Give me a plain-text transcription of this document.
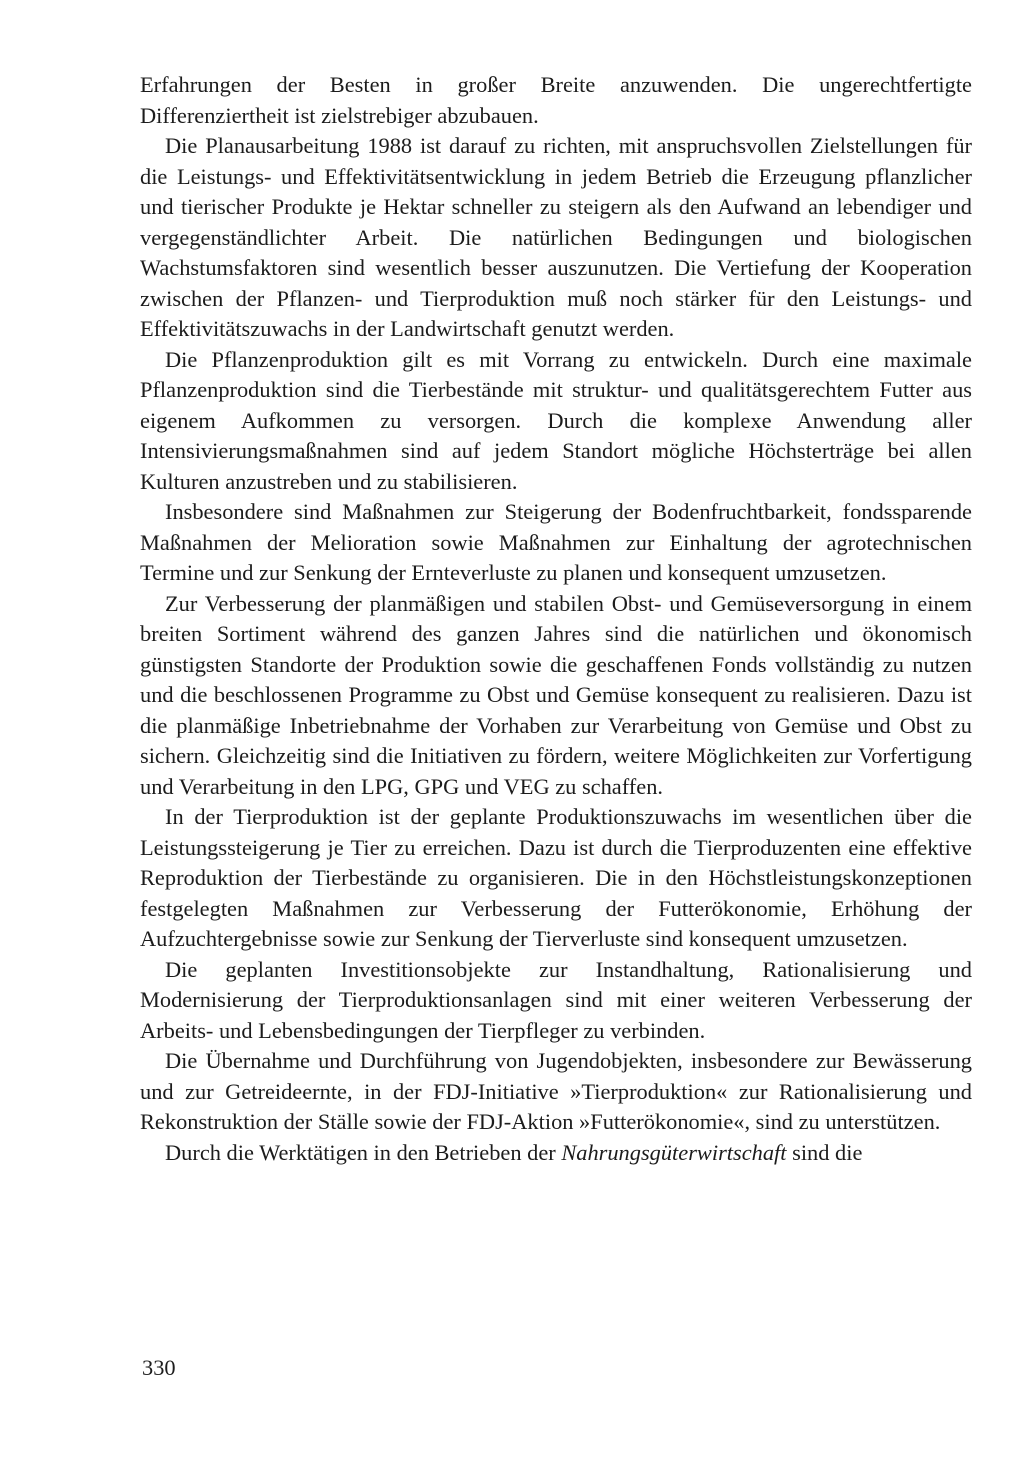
Erfahrungen der Besten in großer Breite anzuwenden. Die ungerechtfertigte Differenziertheit ist zielstrebiger abzubauen.

Die Planausarbeitung 1988 ist darauf zu richten, mit anspruchsvollen Zielstellungen für die Leistungs- und Effektivitätsentwicklung in jedem Betrieb die Erzeugung pflanzlicher und tierischer Produkte je Hektar schneller zu steigern als den Aufwand an lebendiger und vergegenständlichter Arbeit. Die natürlichen Bedingungen und biologischen Wachstumsfaktoren sind wesentlich besser auszunutzen. Die Vertiefung der Kooperation zwischen der Pflanzen- und Tierproduktion muß noch stärker für den Leistungs- und Effektivitätszuwachs in der Landwirtschaft genutzt werden.

Die Pflanzenproduktion gilt es mit Vorrang zu entwickeln. Durch eine maximale Pflanzenproduktion sind die Tierbestände mit struktur- und qualitätsgerechtem Futter aus eigenem Aufkommen zu versorgen. Durch die komplexe Anwendung aller Intensivierungsmaßnahmen sind auf jedem Standort mögliche Höchsterträge bei allen Kulturen anzustreben und zu stabilisieren.

Insbesondere sind Maßnahmen zur Steigerung der Bodenfruchtbarkeit, fondssparende Maßnahmen der Melioration sowie Maßnahmen zur Einhaltung der agrotechnischen Termine und zur Senkung der Ernteverluste zu planen und konsequent umzusetzen.

Zur Verbesserung der planmäßigen und stabilen Obst- und Gemüseversorgung in einem breiten Sortiment während des ganzen Jahres sind die natürlichen und ökonomisch günstigsten Standorte der Produktion sowie die geschaffenen Fonds vollständig zu nutzen und die beschlossenen Programme zu Obst und Gemüse konsequent zu realisieren. Dazu ist die planmäßige Inbetriebnahme der Vorhaben zur Verarbeitung von Gemüse und Obst zu sichern. Gleichzeitig sind die Initiativen zu fördern, weitere Möglichkeiten zur Vorfertigung und Verarbeitung in den LPG, GPG und VEG zu schaffen.

In der Tierproduktion ist der geplante Produktionszuwachs im wesentlichen über die Leistungssteigerung je Tier zu erreichen. Dazu ist durch die Tierproduzenten eine effektive Reproduktion der Tierbestände zu organisieren. Die in den Höchstleistungskonzeptionen festgelegten Maßnahmen zur Verbesserung der Futterökonomie, Erhöhung der Aufzuchtergebnisse sowie zur Senkung der Tierverluste sind konsequent umzusetzen.

Die geplanten Investitionsobjekte zur Instandhaltung, Rationalisierung und Modernisierung der Tierproduktionsanlagen sind mit einer weiteren Verbesserung der Arbeits- und Lebensbedingungen der Tierpfleger zu verbinden.

Die Übernahme und Durchführung von Jugendobjekten, insbesondere zur Bewässerung und zur Getreideernte, in der FDJ-Initiative »Tierproduktion« zur Rationalisierung und Rekonstruktion der Ställe sowie der FDJ-Aktion »Futterökonomie«, sind zu unterstützen.

Durch die Werktätigen in den Betrieben der Nahrungsgüterwirtschaft sind die

330
